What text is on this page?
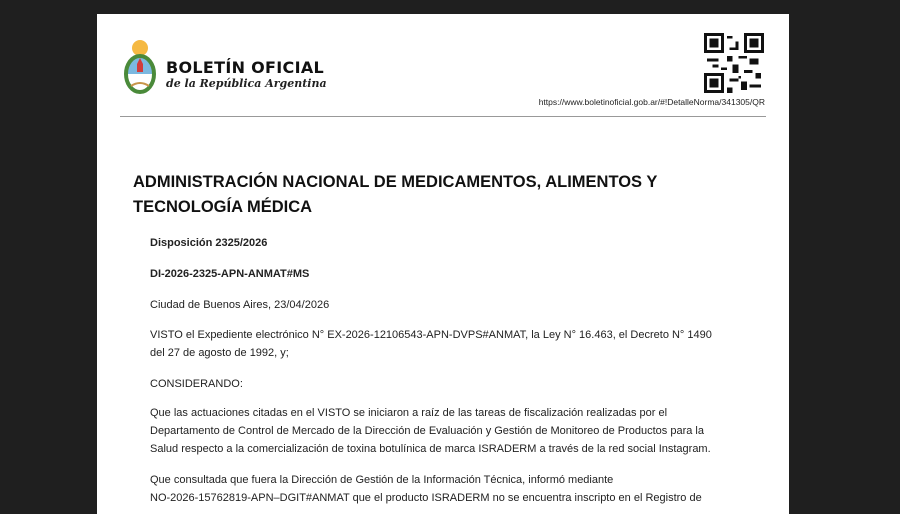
BOLETÍN OFICIAL
de la República Argentina
https://www.boletinoficial.gob.ar/#!DetalleNorma/341305/QR
ADMINISTRACIÓN NACIONAL DE MEDICAMENTOS, ALIMENTOS Y
TECNOLOGÍA MÉDICA
Disposición 2325/2026
DI-2026-2325-APN-ANMAT#MS
Ciudad de Buenos Aires, 23/04/2026
VISTO el Expediente electrónico N° EX-2026-12106543-APN-DVPS#ANMAT, la Ley N° 16.463, el Decreto N° 1490
del 27 de agosto de 1992, y;
CONSIDERANDO:
Que las actuaciones citadas en el VISTO se iniciaron a raíz de las tareas de fiscalización realizadas por el
Departamento de Control de Mercado de la Dirección de Evaluación y Gestión de Monitoreo de Productos para la
Salud respecto a la comercialización de toxina botulínica de marca ISRADERM a través de la red social Instagram.
Que consultada que fuera la Dirección de Gestión de la Información Técnica, informó mediante
NO-2026-15762819-APN–DGIT#ANMAT que el producto ISRADERM no se encuentra inscripto en el Registro de
